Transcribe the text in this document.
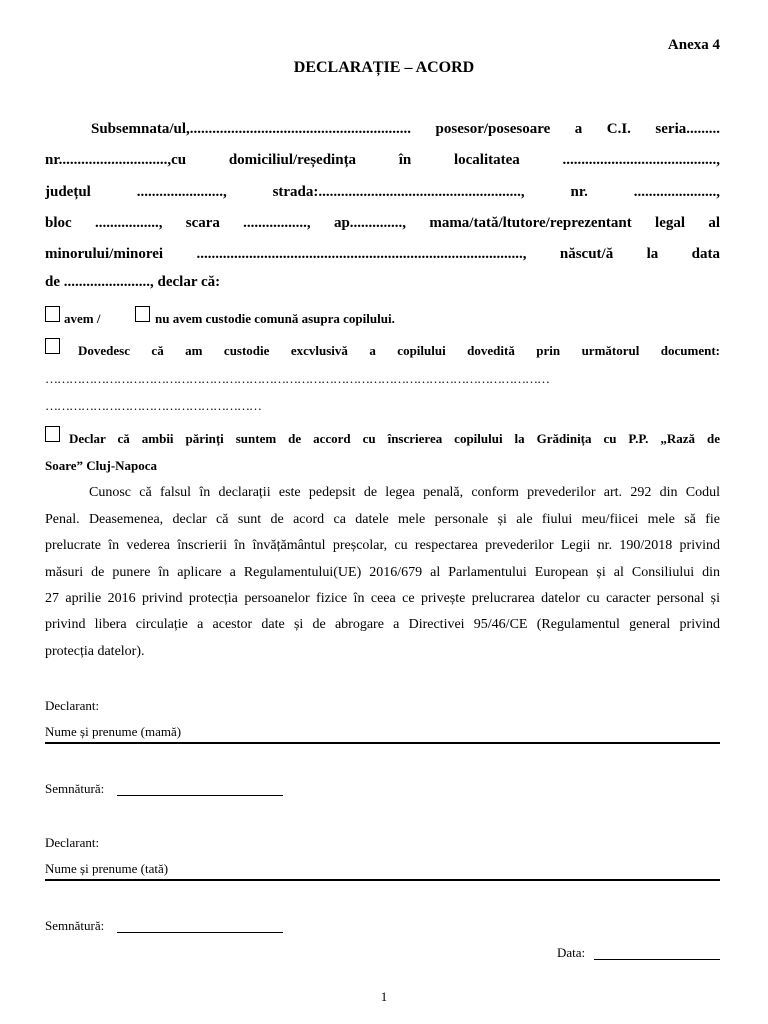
Anexa 4
DECLARAȚIE – ACORD
Subsemnata/ul,........................................................... posesor/posesoare a C.I. seria.........
nr.............................,cu domiciliul/reședința în localitatea .........................................,
județul ......................., strada:......................................................, nr. ......................,
bloc ................., scara ................., ap.............., mama/tată/ltutore/reprezentant legal al
minorului/minorei ......................................................................................., născut/ă la data
de ......................., declar că:
avem /	nu avem custodie comună asupra copilului.
Dovedesc că am custodie excvlusivă a copilului dovedită prin următorul document:
………………………………………………………………………………………………………………
………………………………………………
Declar că ambii părinți suntem de accord cu înscrierea copilului la Grădinița cu P.P. „Rază de
Soare” Cluj-Napoca
Cunosc că falsul în declarații este pedepsit de legea penală, conform prevederilor art. 292 din Codul
Penal. Deasemenea, declar că sunt de acord ca datele mele personale și ale fiului meu/fiicei mele să fie
prelucrate în vederea înscrierii în învățământul preșcolar, cu respectarea prevederilor Legii nr. 190/2018 privind
măsuri de punere în aplicare a Regulamentului(UE) 2016/679 al Parlamentului European și al Consiliului din
27 aprilie 2016 privind protecția persoanelor fizice în ceea ce privește prelucrarea datelor cu caracter personal și
privind libera circulație a acestor date și de abrogare a Directivei 95/46/CE (Regulamentul general privind
protecția datelor).
Declarant:
Nume și prenume (mamă)
Semnătură:
Declarant:
Nume și prenume (tată)
Semnătură:
Data:
1
